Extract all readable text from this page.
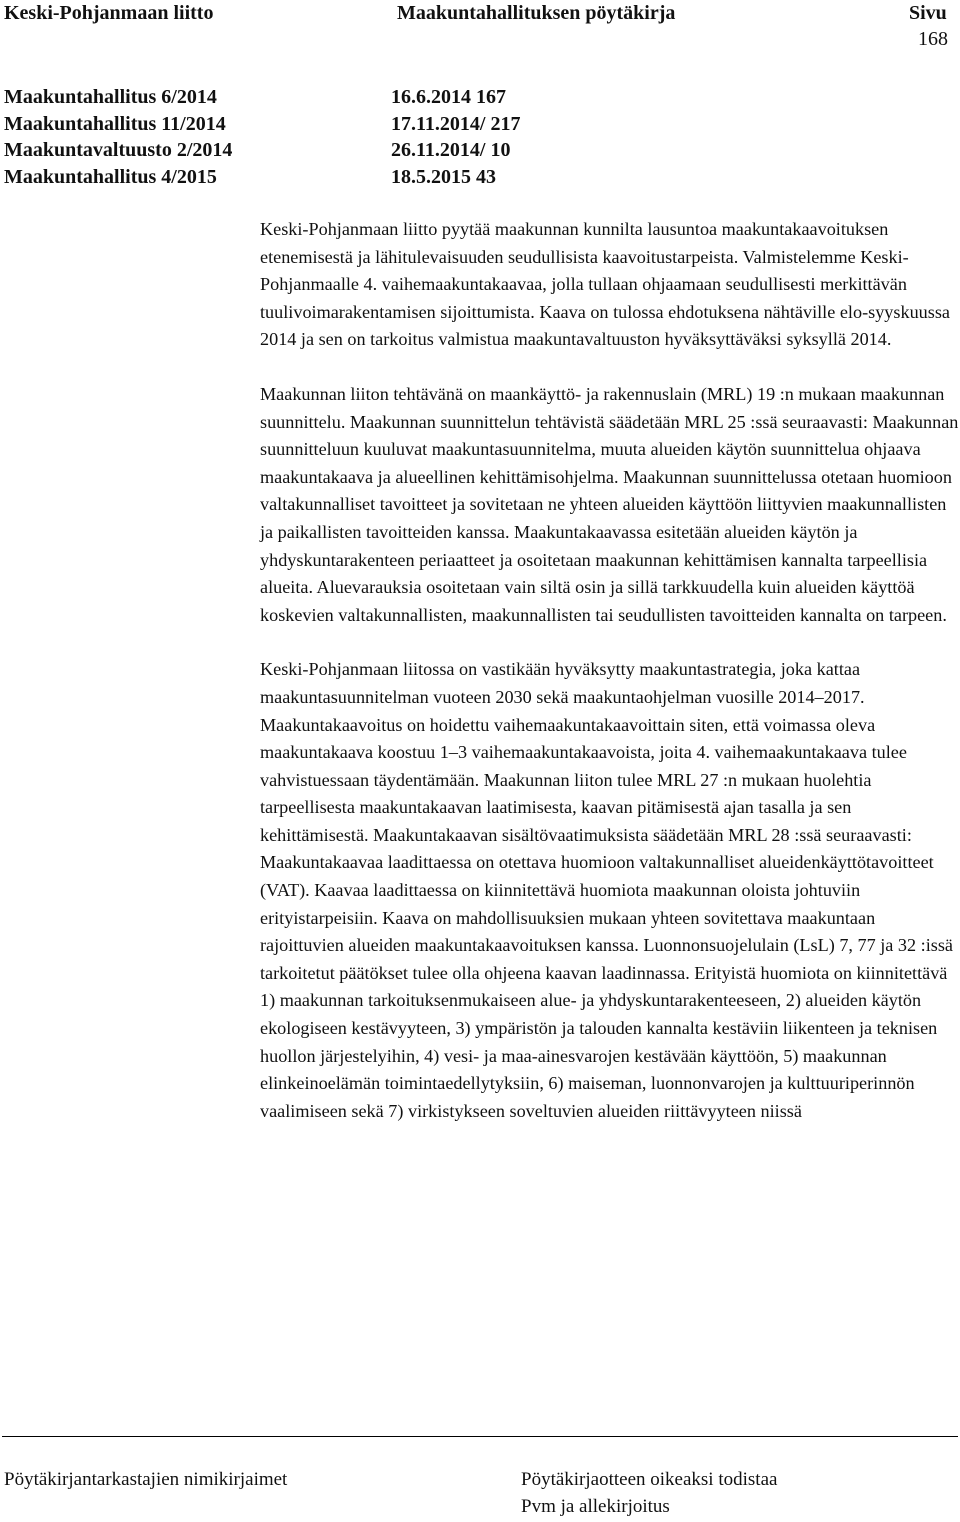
Keski-Pohjanmaan liitto	Maakuntahallituksen pöytäkirja	Sivu
168
Maakuntahallitus 6/2014	16.6.2014 167
Maakuntahallitus 11/2014	17.11.2014/ 217
Maakuntavaltuusto 2/2014	26.11.2014/ 10
Maakuntahallitus 4/2015	18.5.2015 43

Keski-Pohjanmaan liitto pyytää maakunnan kunnilta lausuntoa maakuntakaavoituksen etenemisestä ja lähitulevaisuuden seudullisista kaavoitustarpeista. Valmistelemme Keski-Pohjanmaalle 4. vaihemaakuntakaavaa, jolla tullaan ohjaamaan seudullisesti merkittävän tuulivoimarakentamisen sijoittumista. Kaava on tulossa ehdotuksena nähtäville elo-syyskuussa 2014 ja sen on tarkoitus valmistua maakuntavaltuuston hyväksyttäväksi syksyllä 2014.

Maakunnan liiton tehtävänä on maankäyttö- ja rakennuslain (MRL) 19 :n mukaan maakunnan suunnittelu. Maakunnan suunnittelun tehtävistä säädetään MRL 25 :ssä seuraavasti: Maakunnan suunnitteluun kuuluvat maakuntasuunnitelma, muuta alueiden käytön suunnittelua ohjaava maakuntakaava ja alueellinen kehittämisohjelma. Maakunnan suunnittelussa otetaan huomioon valtakunnalliset tavoitteet ja sovitetaan ne yhteen alueiden käyttöön liittyvien maakunnallisten ja paikallisten tavoitteiden kanssa. Maakuntakaavassa esitetään alueiden käytön ja yhdyskuntarakenteen periaatteet ja osoitetaan maakunnan kehittämisen kannalta tarpeellisia alueita. Aluevarauksia osoitetaan vain siltä osin ja sillä tarkkuudella kuin alueiden käyttöä koskevien valtakunnallisten, maakunnallisten tai seudullisten tavoitteiden kannalta on tarpeen.

Keski-Pohjanmaan liitossa on vastikään hyväksytty maakuntastrategia, joka kattaa maakuntasuunnitelman vuoteen 2030 sekä maakuntaohjelman vuosille 2014–2017. Maakuntakaavoitus on hoidettu vaihemaakuntakaavoittain siten, että voimassa oleva maakuntakaava koostuu 1–3 vaihemaakuntakaavoista, joita 4. vaihemaakuntakaava tulee vahvistuessaan täydentämään. Maakunnan liiton tulee MRL 27 :n mukaan huolehtia tarpeellisesta maakuntakaavan laatimisesta, kaavan pitämisestä ajan tasalla ja sen kehittämisestä. Maakuntakaavan sisältövaatimuksista säädetään MRL 28 :ssä seuraavasti: Maakuntakaavaa laadittaessa on otettava huomioon valtakunnalliset alueidenkäyttötavoitteet (VAT). Kaavaa laadittaessa on kiinnitettävä huomiota maakunnan oloista johtuviin erityistarpeisiin. Kaava on mahdollisuuksien mukaan yhteen sovitettava maakuntaan rajoittuvien alueiden maakuntakaavoituksen kanssa. Luonnonsuojelulain (LsL) 7, 77 ja 32 :issä tarkoitetut päätökset tulee olla ohjeena kaavan laadinnassa. Erityistä huomiota on kiinnitettävä 1) maakunnan tarkoituksenmukaiseen alue- ja yhdyskuntarakenteeseen, 2) alueiden käytön ekologiseen kestävyyteen, 3) ympäristön ja talouden kannalta kestäviin liikenteen ja teknisen huollon järjestelyihin, 4) vesi- ja maa-ainesvarojen kestävään käyttöön, 5) maakunnan elinkeinoelämän toimintaedellytyksiin, 6) maiseman, luonnonvarojen ja kulttuuriperinnön vaalimiseen sekä 7) virkistykseen soveltuvien alueiden riittävyyteen niissä

Pöytäkirjantarkastajien nimikirjaimet	Pöytäkirjaotteen oikeaksi todistaa
Pvm ja allekirjoitus
